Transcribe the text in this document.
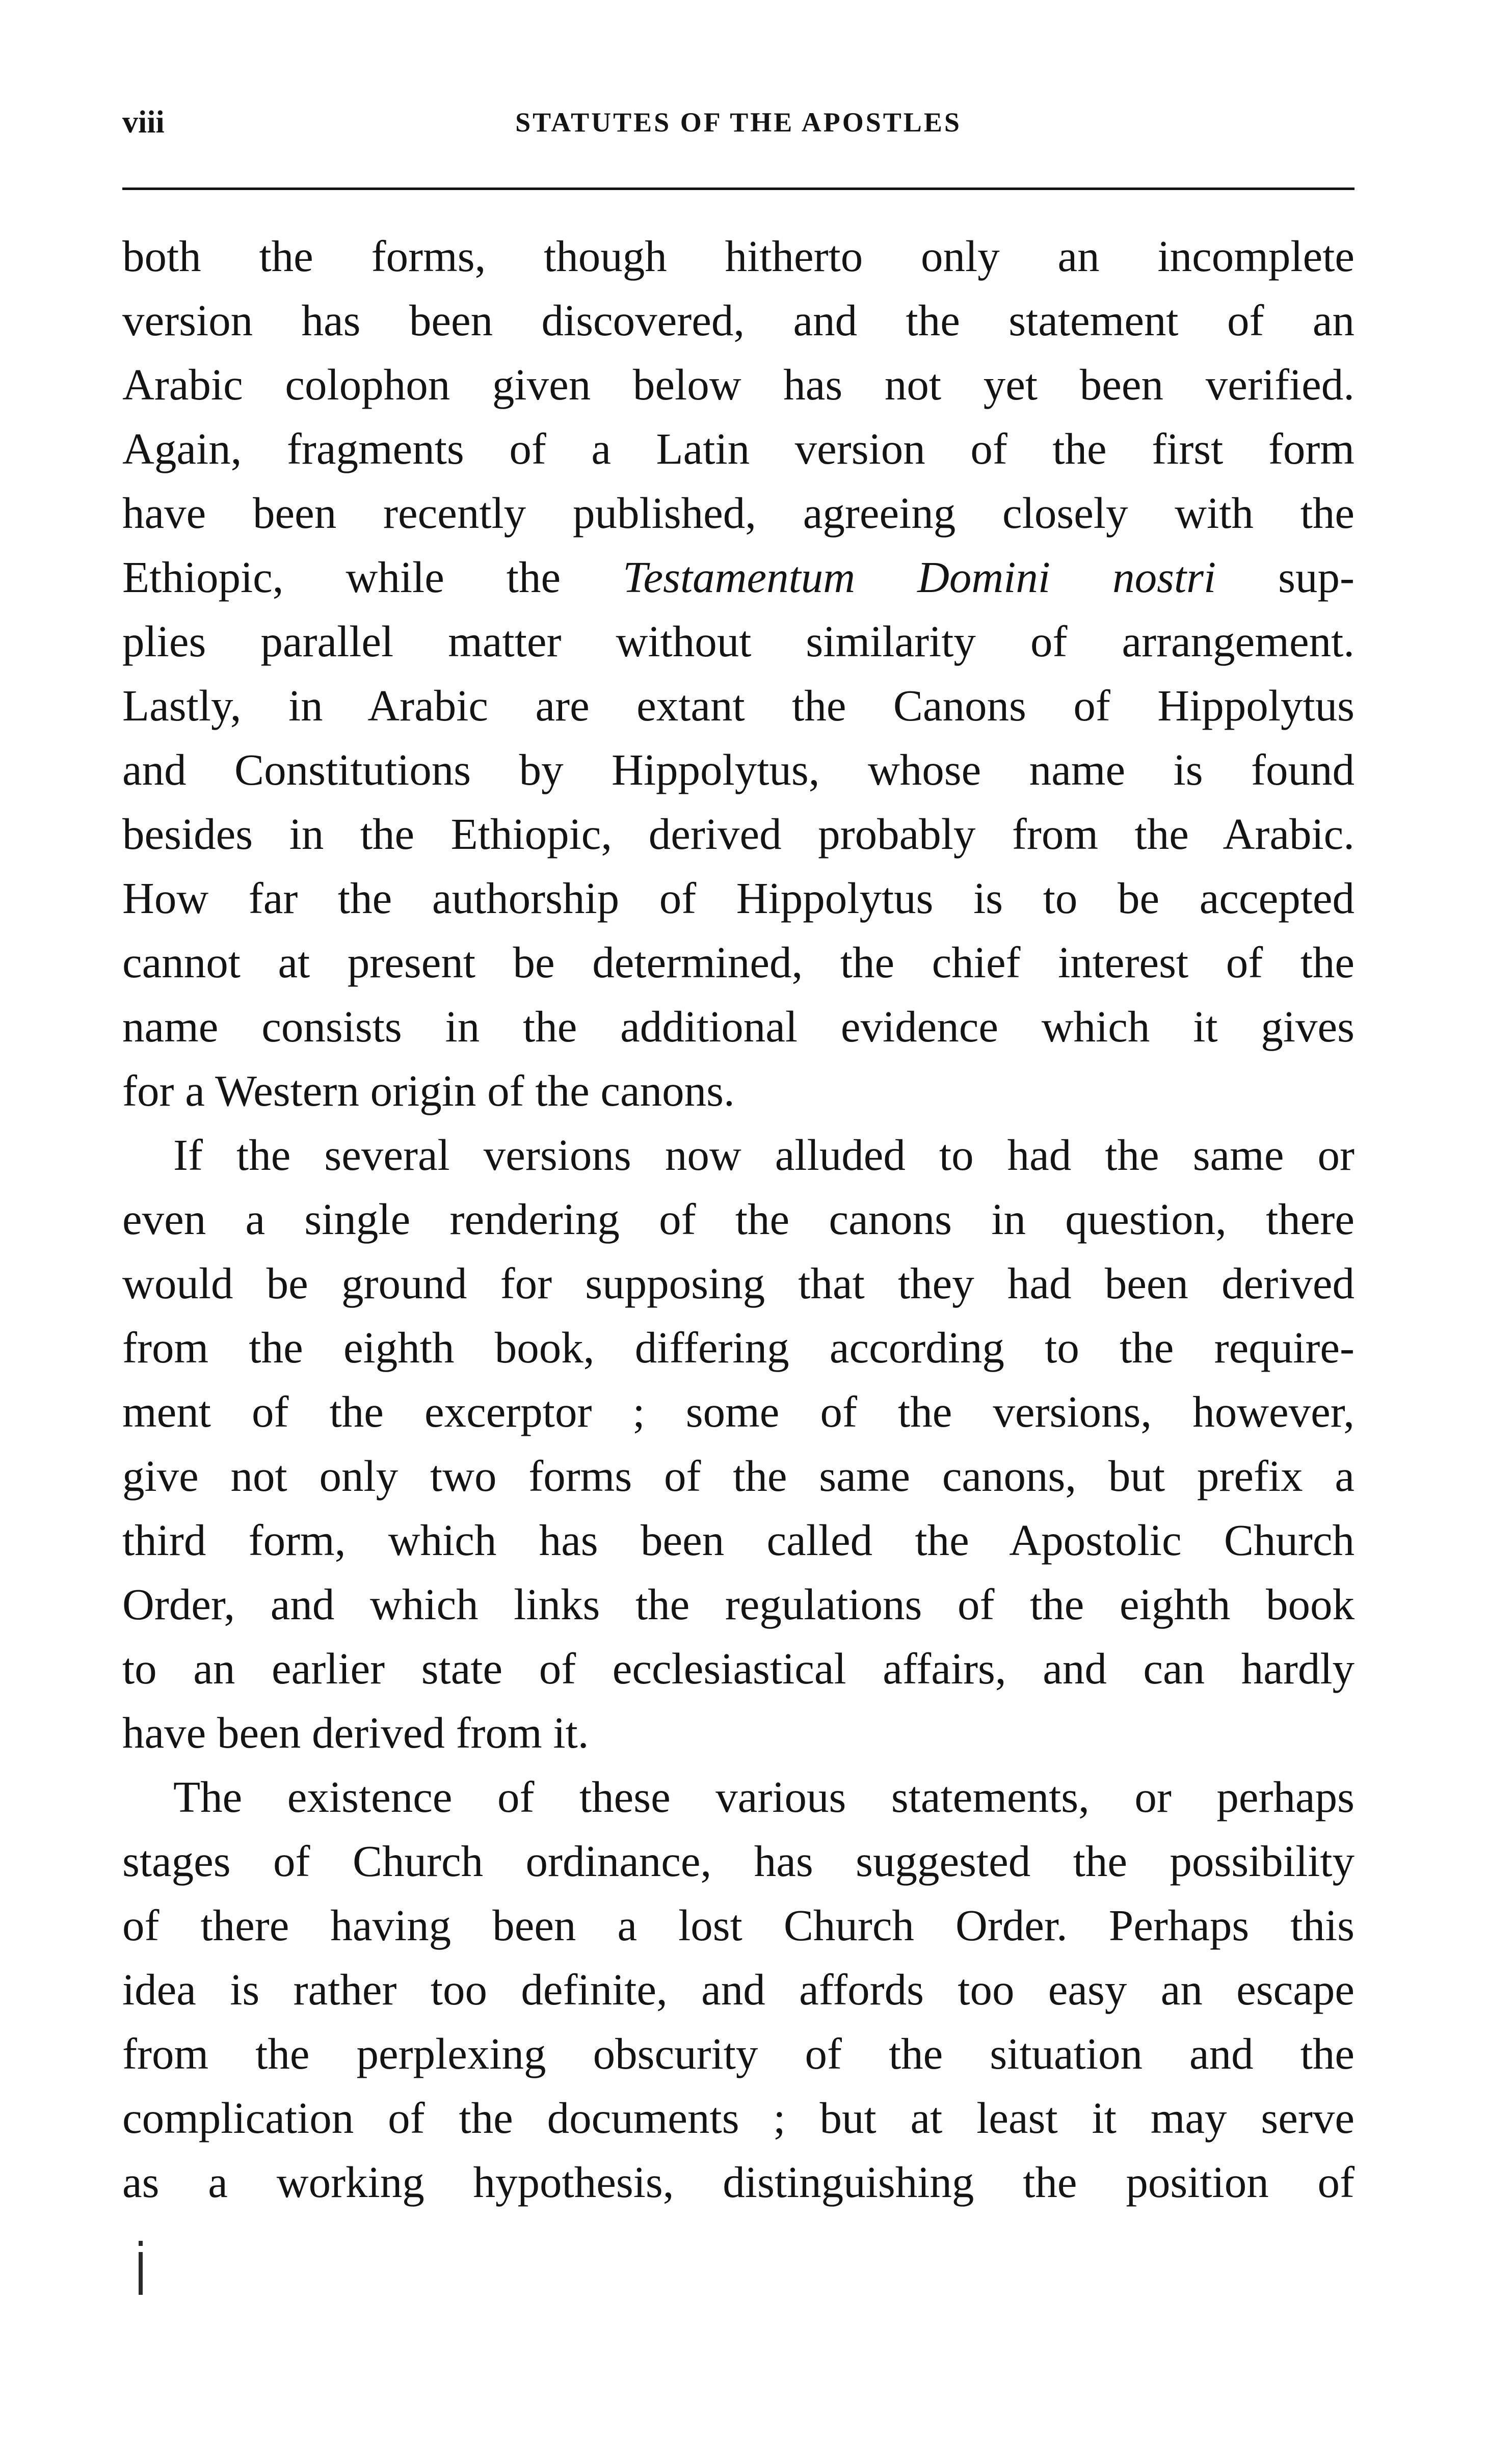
viii	STATUTES OF THE APOSTLES
both the forms, though hitherto only an incomplete
version has been discovered, and the statement of an
Arabic colophon given below has not yet been verified.
Again, fragments of a Latin version of the first form
have been recently published, agreeing closely with the
Ethiopic, while the Testamentum Domini nostri sup-
plies parallel matter without similarity of arrangement.
Lastly, in Arabic are extant the Canons of Hippolytus
and Constitutions by Hippolytus, whose name is found
besides in the Ethiopic, derived probably from the Arabic.
How far the authorship of Hippolytus is to be accepted
cannot at present be determined, the chief interest of the
name consists in the additional evidence which it gives
for a Western origin of the canons.
If the several versions now alluded to had the same or
even a single rendering of the canons in question, there
would be ground for supposing that they had been derived
from the eighth book, differing according to the require-
ment of the excerptor ; some of the versions, however,
give not only two forms of the same canons, but prefix a
third form, which has been called the Apostolic Church
Order, and which links the regulations of the eighth book
to an earlier state of ecclesiastical affairs, and can hardly
have been derived from it.
The existence of these various statements, or perhaps
stages of Church ordinance, has suggested the possibility
of there having been a lost Church Order. Perhaps this
idea is rather too definite, and affords too easy an escape
from the perplexing obscurity of the situation and the
complication of the documents ; but at least it may serve
as a working hypothesis, distinguishing the position of
